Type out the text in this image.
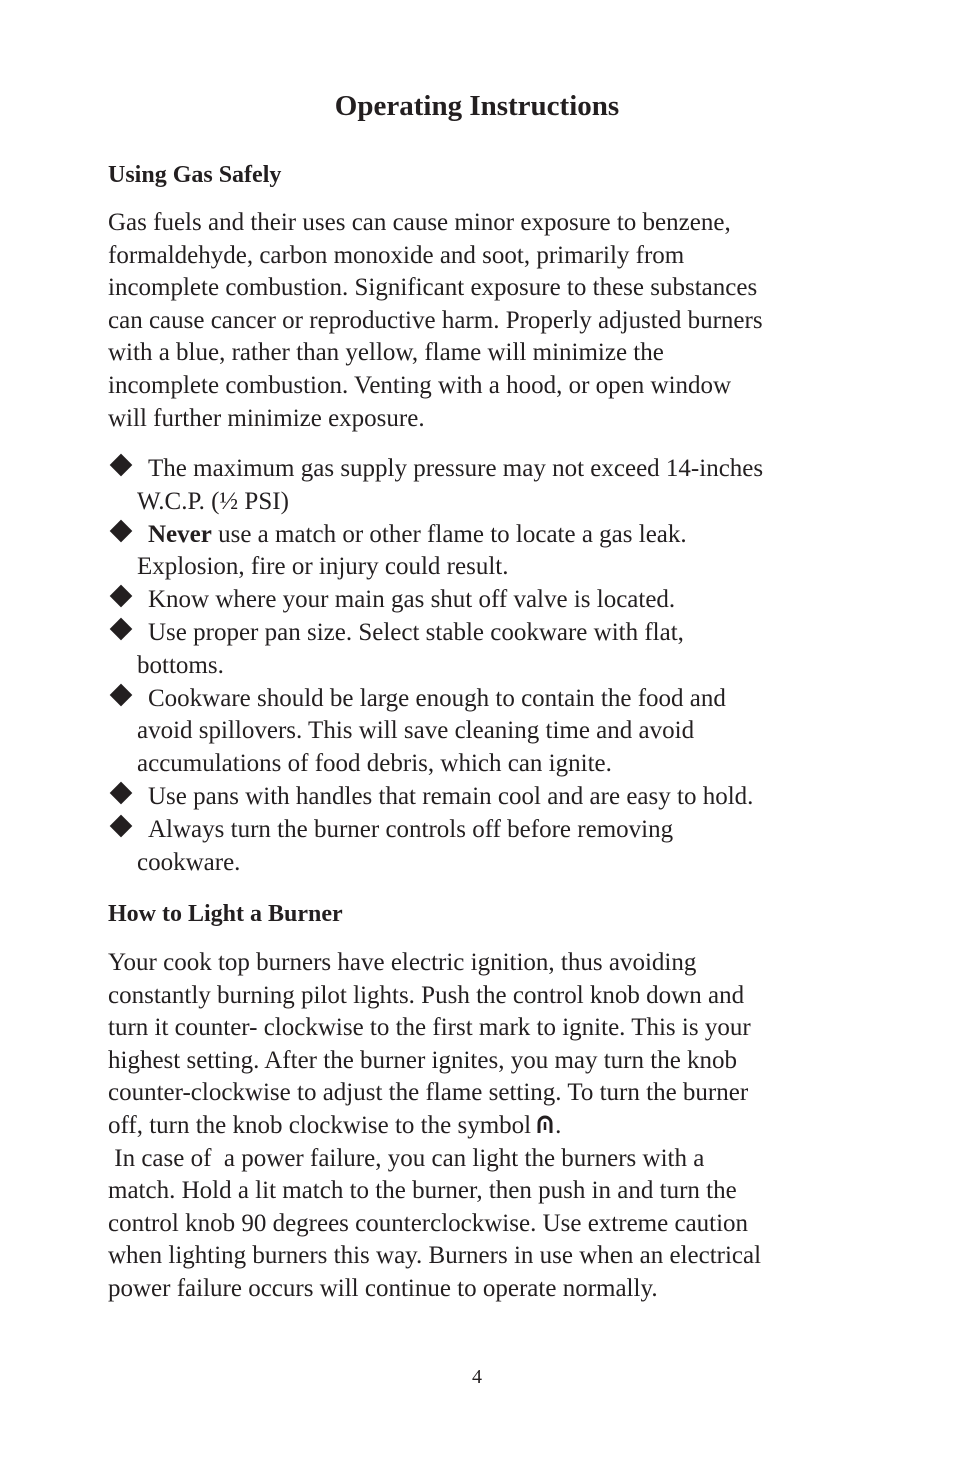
Operating Instructions
Using Gas Safely

Gas fuels and their uses can cause minor exposure to benzene,
formaldehyde, carbon monoxide and soot, primarily from
incomplete combustion. Significant exposure to these substances
can cause cancer or reproductive harm. Properly adjusted burners
with a blue, rather than yellow, flame will minimize the
incomplete combustion. Venting with a hood, or open window
will further minimize exposure.

The maximum gas supply pressure may not exceed 14-inches
W.C.P. (½ PSI)
Never use a match or other flame to locate a gas leak.
Explosion, fire or injury could result.
Know where your main gas shut off valve is located.
Use proper pan size. Select stable cookware with flat,
bottoms.
Cookware should be large enough to contain the food and
avoid spillovers. This will save cleaning time and avoid
accumulations of food debris, which can ignite.
Use pans with handles that remain cool and are easy to hold.
Always turn the burner controls off before removing
cookware.
How to Light a Burner

Your cook top burners have electric ignition, thus avoiding
constantly burning pilot lights. Push the control knob down and
turn it counter- clockwise to the first mark to ignite. This is your
highest setting. After the burner ignites, you may turn the knob
counter-clockwise to adjust the flame setting. To turn the burner
off, turn the knob clockwise to the symbol .
In case of  a power failure, you can light the burners with a
match. Hold a lit match to the burner, then push in and turn the
control knob 90 degrees counterclockwise. Use extreme caution
when lighting burners this way. Burners in use when an electrical
power failure occurs will continue to operate normally.

4
